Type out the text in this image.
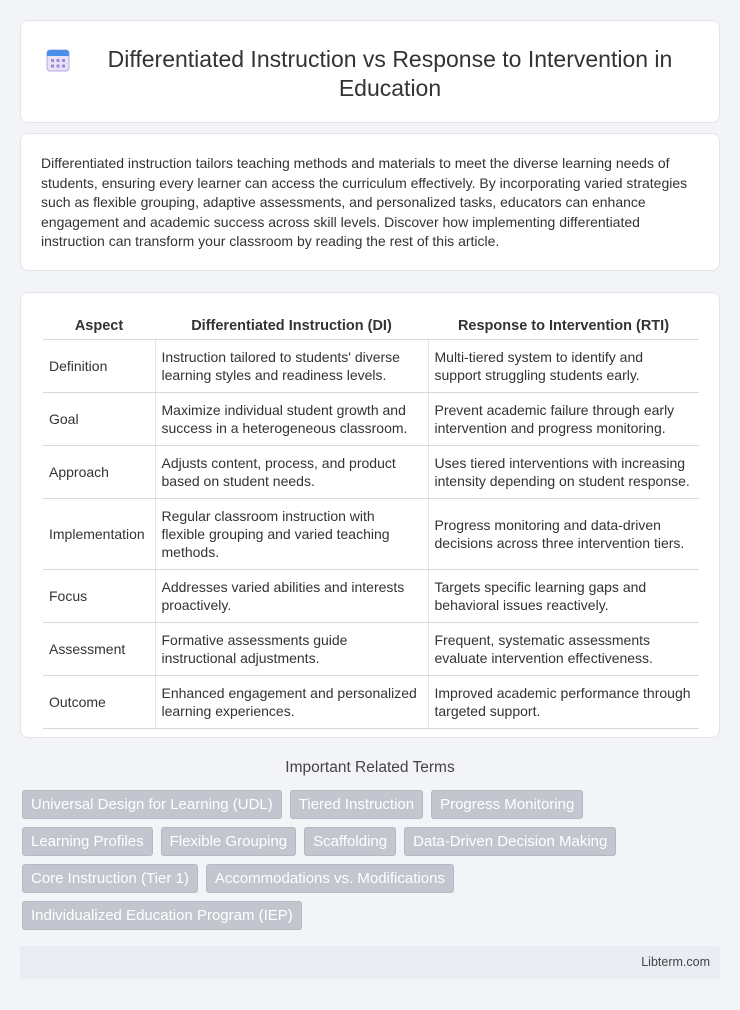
Differentiated Instruction vs Response to Intervention in Education

Differentiated instruction tailors teaching methods and materials to meet the diverse learning needs of students, ensuring every learner can access the curriculum effectively. By incorporating varied strategies such as flexible grouping, adaptive assessments, and personalized tasks, educators can enhance engagement and academic success across skill levels. Discover how implementing differentiated instruction can transform your classroom by reading the rest of this article.

Aspect	Differentiated Instruction (DI)	Response to Intervention (RTI)
Definition	Instruction tailored to students' diverse learning styles and readiness levels.	Multi-tiered system to identify and support struggling students early.
Goal	Maximize individual student growth and success in a heterogeneous classroom.	Prevent academic failure through early intervention and progress monitoring.
Approach	Adjusts content, process, and product based on student needs.	Uses tiered interventions with increasing intensity depending on student response.
Implementation	Regular classroom instruction with flexible grouping and varied teaching methods.	Progress monitoring and data-driven decisions across three intervention tiers.
Focus	Addresses varied abilities and interests proactively.	Targets specific learning gaps and behavioral issues reactively.
Assessment	Formative assessments guide instructional adjustments.	Frequent, systematic assessments evaluate intervention effectiveness.
Outcome	Enhanced engagement and personalized learning experiences.	Improved academic performance through targeted support.
Important Related Terms
Universal Design for Learning (UDL)	Tiered Instruction	Progress Monitoring
Learning Profiles	Flexible Grouping	Scaffolding	Data-Driven Decision Making
Core Instruction (Tier 1)	Accommodations vs. Modifications
Individualized Education Program (IEP)
Libterm.com
